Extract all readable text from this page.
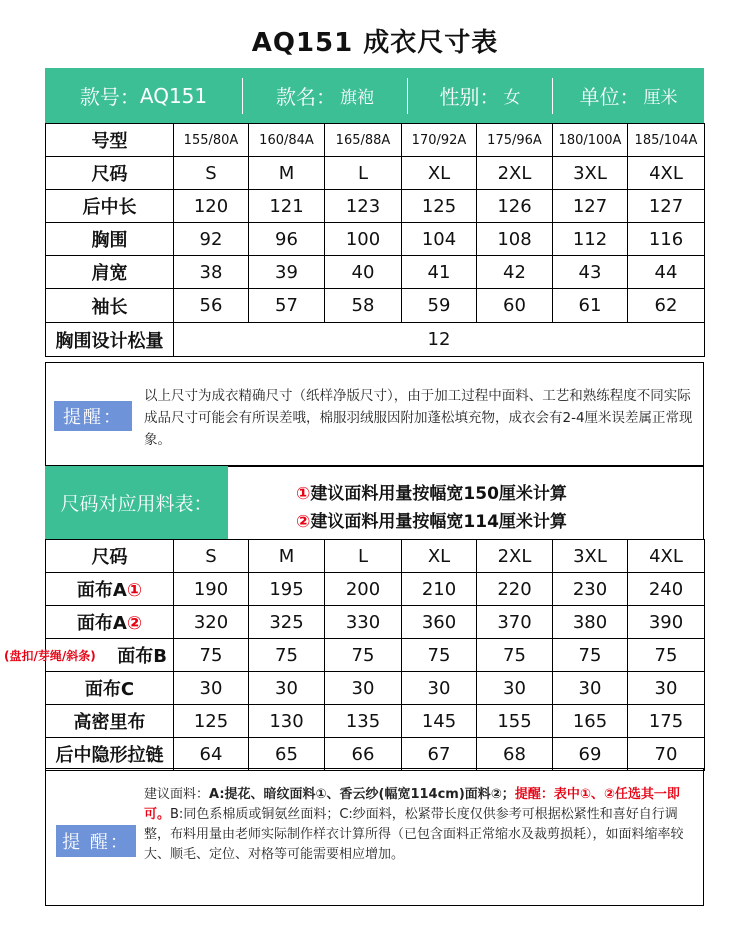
AQ151 成衣尺寸表
款号： AQ151	款名： 旗袍	性别： 女	单位： 厘米
号型	155/80A	160/84A	165/88A	170/92A	175/96A	180/100A	185/104A
尺码	S	M	L	XL	2XL	3XL	4XL
后中长	120	121	123	125	126	127	127
胸围	92	96	100	104	108	112	116
肩宽	38	39	40	41	42	43	44
袖长	56	57	58	59	60	61	62
胸围设计松量	12						
提醒：
以上尺寸为成衣精确尺寸（纸样净版尺寸），由于加工过程中面料、工艺和熟练程度不同实际成品尺寸可能会有所误差哦，棉服羽绒服因附加蓬松填充物，成衣会有2-4厘米误差属正常现象。
尺码对应用料表：	①建议面料用量按幅宽150厘米计算
②建议面料用量按幅宽114厘米计算
尺码	S	M	L	XL	2XL	3XL	4XL
面布A①	190	195	200	210	220	230	240
面布A②	320	325	330	360	370	380	390

(盘扣/芽绳/斜条) 面布B	75	75	75	75	75	75	75
面布C	30	30	30	30	30	30	30
高密里布	125	130	135	145	155	165	175
后中隐形拉链	64	65	66	67	68	69	70
提 醒：
建议面料：A:提花、暗纹面料①、香云纱(幅宽114cm)面料②；提醒：表中①、②任选其一即可。B:同色系棉质或铜氨丝面料；C:纱面料，松紧带长度仅供参考可根据松紧性和喜好自行调整，布料用量由老师实际制作样衣计算所得（已包含面料正常缩水及裁剪损耗），如面料缩率较大、顺毛、定位、对格等可能需要相应增加。
